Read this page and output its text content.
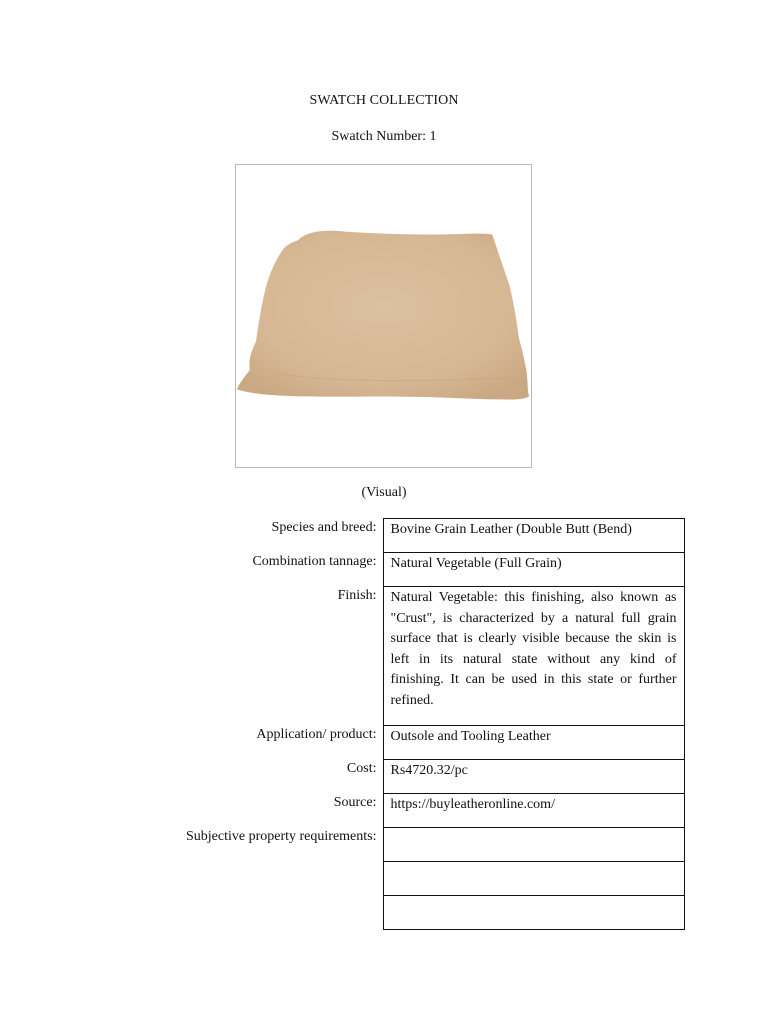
SWATCH COLLECTION
Swatch Number: 1
(Visual)
Species and breed:	Bovine Grain Leather (Double Butt (Bend)
Combination tannage:	Natural Vegetable (Full Grain)
Finish:	Natural Vegetable: this finishing, also known as "Crust", is characterized by a natural full grain surface that is clearly visible because the skin is left in its natural state without any kind of finishing. It can be used in this state or further refined.
Application/ product:	Outsole and Tooling Leather
Cost:	Rs4720.32/pc
Source:	https://buyleatheronline.com/
Subjective property requirements:	
